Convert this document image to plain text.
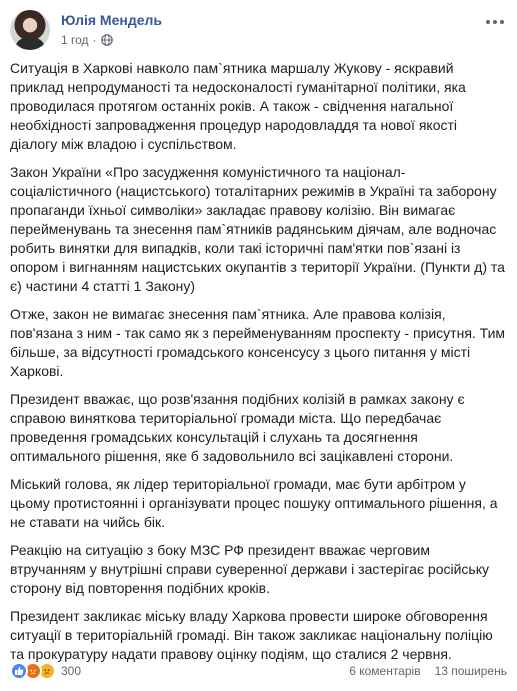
Юлія Мендель
1 год ·

Ситуація в Харкові навколо пам`ятника маршалу Жукову - яскравий приклад непродуманості та недосконалості гуманітарної політики, яка проводилася протягом останніх років. А також - свідчення нагальної необхідності запровадження процедур народовладдя та нової якості діалогу між владою і суспільством.

Закон України «Про засудження комуністичного та націонал-соціалістичного (нацистського) тоталітарних режимів в Україні та заборону пропаганди їхньої символіки» закладає правову колізію. Він вимагає перейменувань та знесення пам`ятників радянським діячам, але водночас робить винятки для випадків, коли такі історичні пам'ятки пов`язані із опором і вигнанням нацистських окупантів з території України. (Пункти д) та є) частини 4 статті 1 Закону)

Отже, закон не вимагає знесення пам`ятника. Але правова колізія, пов'язана з ним - так само як з перейменуванням проспекту - присутня. Тим більше, за відсутності громадського консенсусу з цього питання у місті Харкові.

Президент вважає, що розв'язання подібних колізій в рамках закону є справою виняткова територіальної громади міста. Що передбачає проведення громадських консультацій і слухань та досягнення оптимального рішення, яке б задовольнило всі зацікавлені сторони.

Міський голова, як лідер територіальної громади, має бути арбітром у цьому протистоянні і організувати процес пошуку оптимального рішення, а не ставати на чийсь бік.

Реакцію на ситуацію з боку МЗС РФ президент вважає черговим втручанням у внутрішні справи суверенної держави і застерігає російську сторону від повторення подібних кроків.

Президент закликає міську владу Харкова провести широке обговорення ситуації в територіальній громаді. Він також закликає національну поліцію та прокуратуру надати правову оцінку подіям, що сталися 2 червня.

300	6 коментарів 13 поширень
